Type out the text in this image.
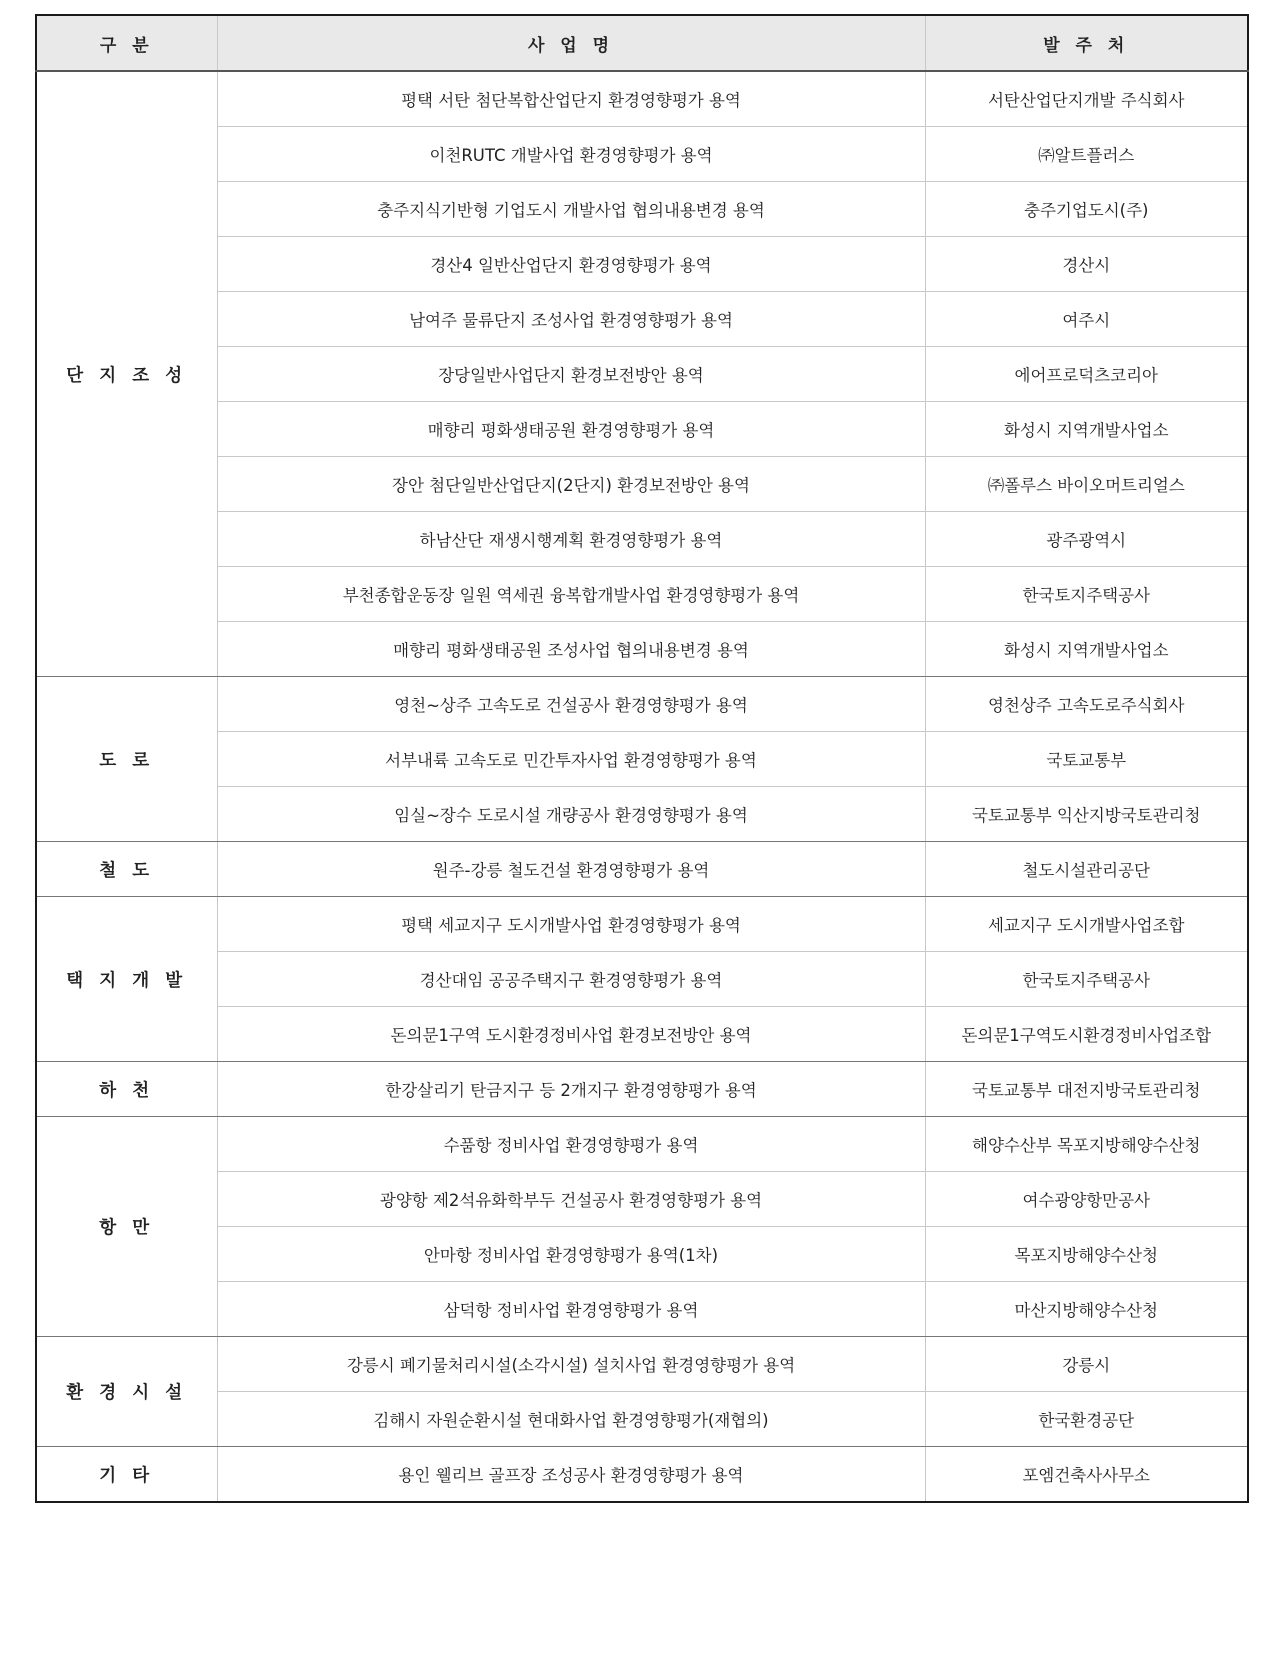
구 분	사 업 명	발 주 처
단 지 조 성	평택 서탄 첨단복합산업단지 환경영향평가 용역	서탄산업단지개발 주식회사
	이천RUTC 개발사업 환경영향평가 용역	㈜알트플러스
	충주지식기반형 기업도시 개발사업 협의내용변경 용역	충주기업도시(주)
	경산4 일반산업단지 환경영향평가 용역	경산시
	남여주 물류단지 조성사업 환경영향평가 용역	여주시
	장당일반사업단지 환경보전방안 용역	에어프로덕츠코리아
	매향리 평화생태공원 환경영향평가 용역	화성시 지역개발사업소
	장안 첨단일반산업단지(2단지) 환경보전방안 용역	㈜폴루스 바이오머트리얼스
	하남산단 재생시행계획 환경영향평가 용역	광주광역시
	부천종합운동장 일원 역세권 융복합개발사업 환경영향평가 용역	한국토지주택공사
	매향리 평화생태공원 조성사업 협의내용변경 용역	화성시 지역개발사업소
도 로	영천~상주 고속도로 건설공사 환경영향평가 용역	영천상주 고속도로주식회사
	서부내륙 고속도로 민간투자사업 환경영향평가 용역	국토교통부
	임실~장수 도로시설 개량공사 환경영향평가 용역	국토교통부 익산지방국토관리청
철 도	원주-강릉 철도건설 환경영향평가 용역	철도시설관리공단
택 지 개 발	평택 세교지구 도시개발사업 환경영향평가 용역	세교지구 도시개발사업조합
	경산대임 공공주택지구 환경영향평가 용역	한국토지주택공사
	돈의문1구역 도시환경정비사업 환경보전방안 용역	돈의문1구역도시환경정비사업조합
하 천	한강살리기 탄금지구 등 2개지구 환경영향평가 용역	국토교통부 대전지방국토관리청
항 만	수품항 정비사업 환경영향평가 용역	해양수산부 목포지방해양수산청
	광양항 제2석유화학부두 건설공사 환경영향평가 용역	여수광양항만공사
	안마항 정비사업 환경영향평가 용역(1차)	목포지방해양수산청
	삼덕항 정비사업 환경영향평가 용역	마산지방해양수산청
환 경 시 설	강릉시 폐기물처리시설(소각시설) 설치사업 환경영향평가 용역	강릉시
	김해시 자원순환시설 현대화사업 환경영향평가(재협의)	한국환경공단
기 타	용인 웰리브 골프장 조성공사 환경영향평가 용역	포엠건축사사무소
